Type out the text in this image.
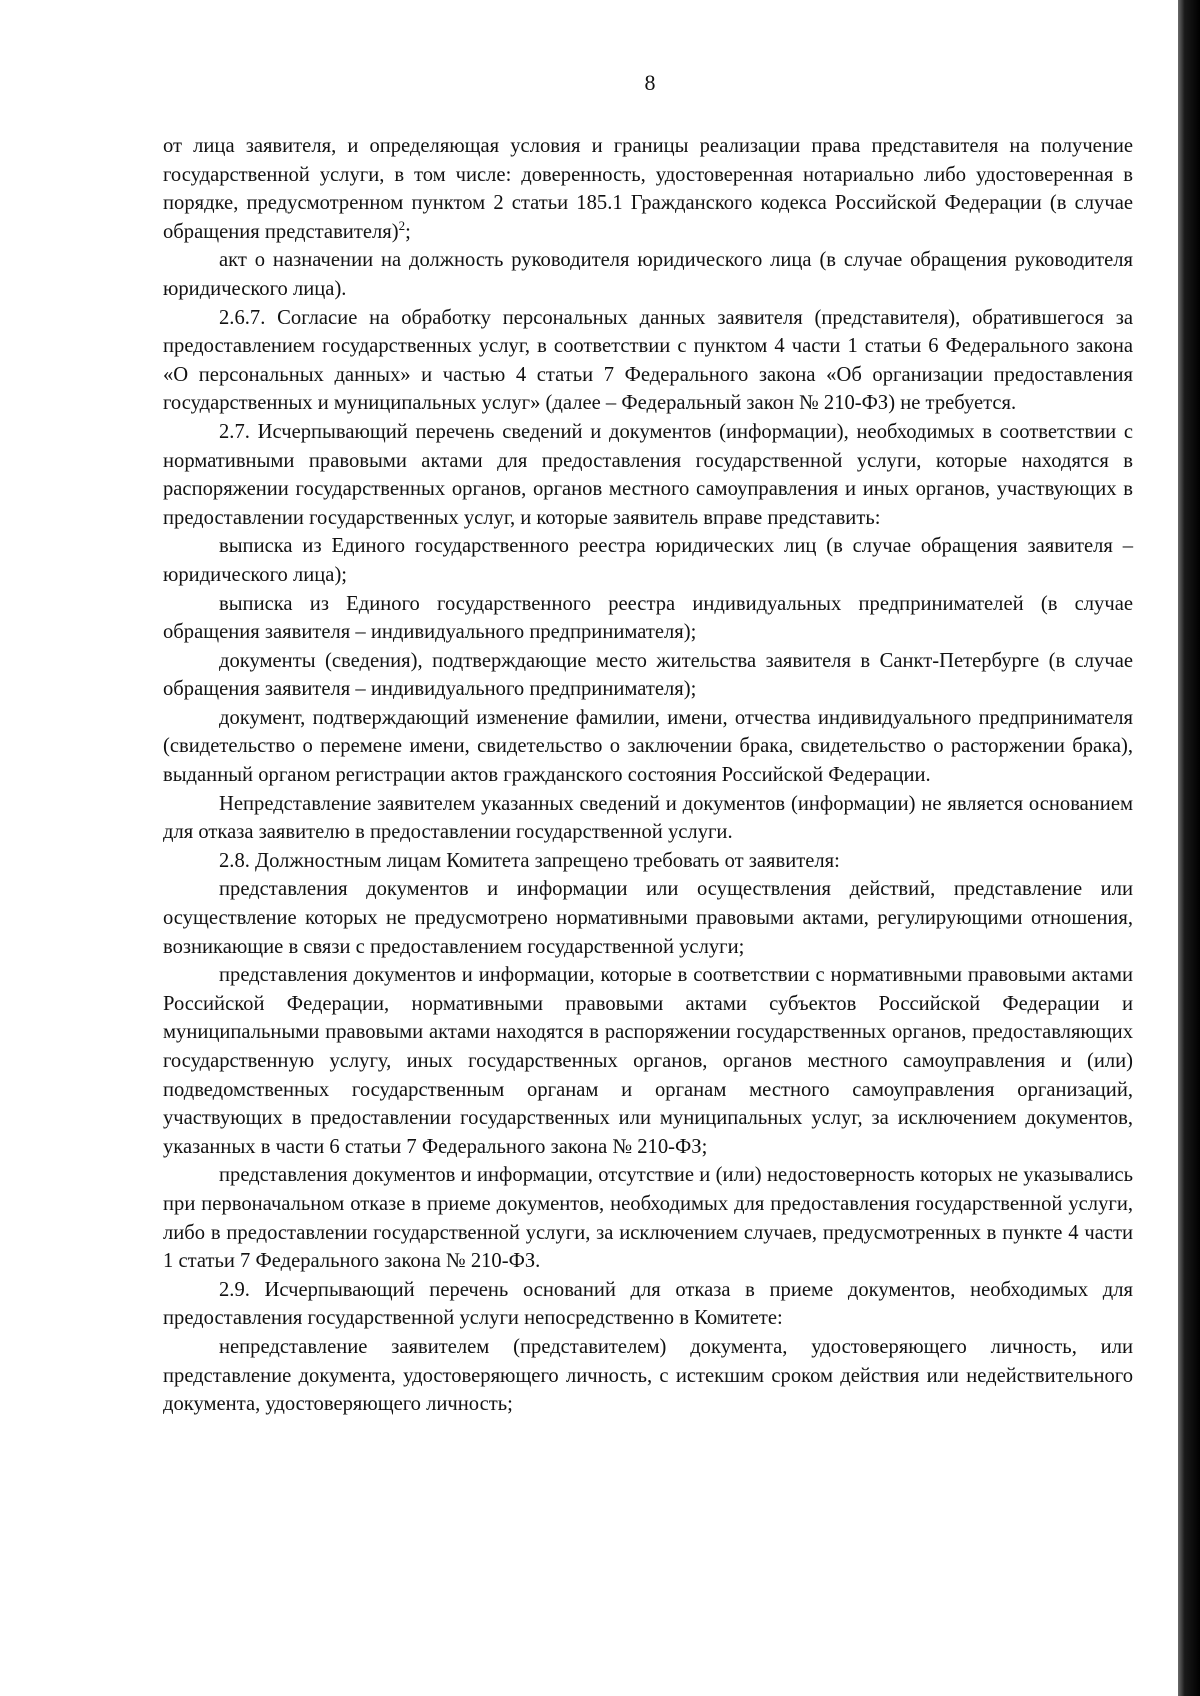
8

от лица заявителя, и определяющая условия и границы реализации права представителя на получение государственной услуги, в том числе: доверенность, удостоверенная нотариально либо удостоверенная в порядке, предусмотренном пунктом 2 статьи 185.1 Гражданского кодекса Российской Федерации (в случае обращения представителя)$^2$;

акт о назначении на должность руководителя юридического лица (в случае обращения руководителя юридического лица).

2.6.7. Согласие на обработку персональных данных заявителя (представителя), обратившегося за предоставлением государственных услуг, в соответствии с пунктом 4 части 1 статьи 6 Федерального закона «О персональных данных» и частью 4 статьи 7 Федерального закона «Об организации предоставления государственных и муниципальных услуг» (далее – Федеральный закон № 210-ФЗ) не требуется.

2.7. Исчерпывающий перечень сведений и документов (информации), необходимых в соответствии с нормативными правовыми актами для предоставления государственной услуги, которые находятся в распоряжении государственных органов, органов местного самоуправления и иных органов, участвующих в предоставлении государственных услуг, и которые заявитель вправе представить:

выписка из Единого государственного реестра юридических лиц (в случае обращения заявителя – юридического лица);

выписка из Единого государственного реестра индивидуальных предпринимателей (в случае обращения заявителя – индивидуального предпринимателя);

документы (сведения), подтверждающие место жительства заявителя в Санкт-Петербурге (в случае обращения заявителя – индивидуального предпринимателя);

документ, подтверждающий изменение фамилии, имени, отчества индивидуального предпринимателя (свидетельство о перемене имени, свидетельство о заключении брака, свидетельство о расторжении брака), выданный органом регистрации актов гражданского состояния Российской Федерации.

Непредставление заявителем указанных сведений и документов (информации) не является основанием для отказа заявителю в предоставлении государственной услуги.

2.8. Должностным лицам Комитета запрещено требовать от заявителя:

представления документов и информации или осуществления действий, представление или осуществление которых не предусмотрено нормативными правовыми актами, регулирующими отношения, возникающие в связи с предоставлением государственной услуги;

представления документов и информации, которые в соответствии с нормативными правовыми актами Российской Федерации, нормативными правовыми актами субъектов Российской Федерации и муниципальными правовыми актами находятся в распоряжении государственных органов, предоставляющих государственную услугу, иных государственных органов, органов местного самоуправления и (или) подведомственных государственным органам и органам местного самоуправления организаций, участвующих в предоставлении государственных или муниципальных услуг, за исключением документов, указанных в части 6 статьи 7 Федерального закона № 210-ФЗ;

представления документов и информации, отсутствие и (или) недостоверность которых не указывались при первоначальном отказе в приеме документов, необходимых для предоставления государственной услуги, либо в предоставлении государственной услуги, за исключением случаев, предусмотренных в пункте 4 части 1 статьи 7 Федерального закона № 210-ФЗ.

2.9. Исчерпывающий перечень оснований для отказа в приеме документов, необходимых для предоставления государственной услуги непосредственно в Комитете:

непредставление заявителем (представителем) документа, удостоверяющего личность, или представление документа, удостоверяющего личность, с истекшим сроком действия или недействительного документа, удостоверяющего личность;
